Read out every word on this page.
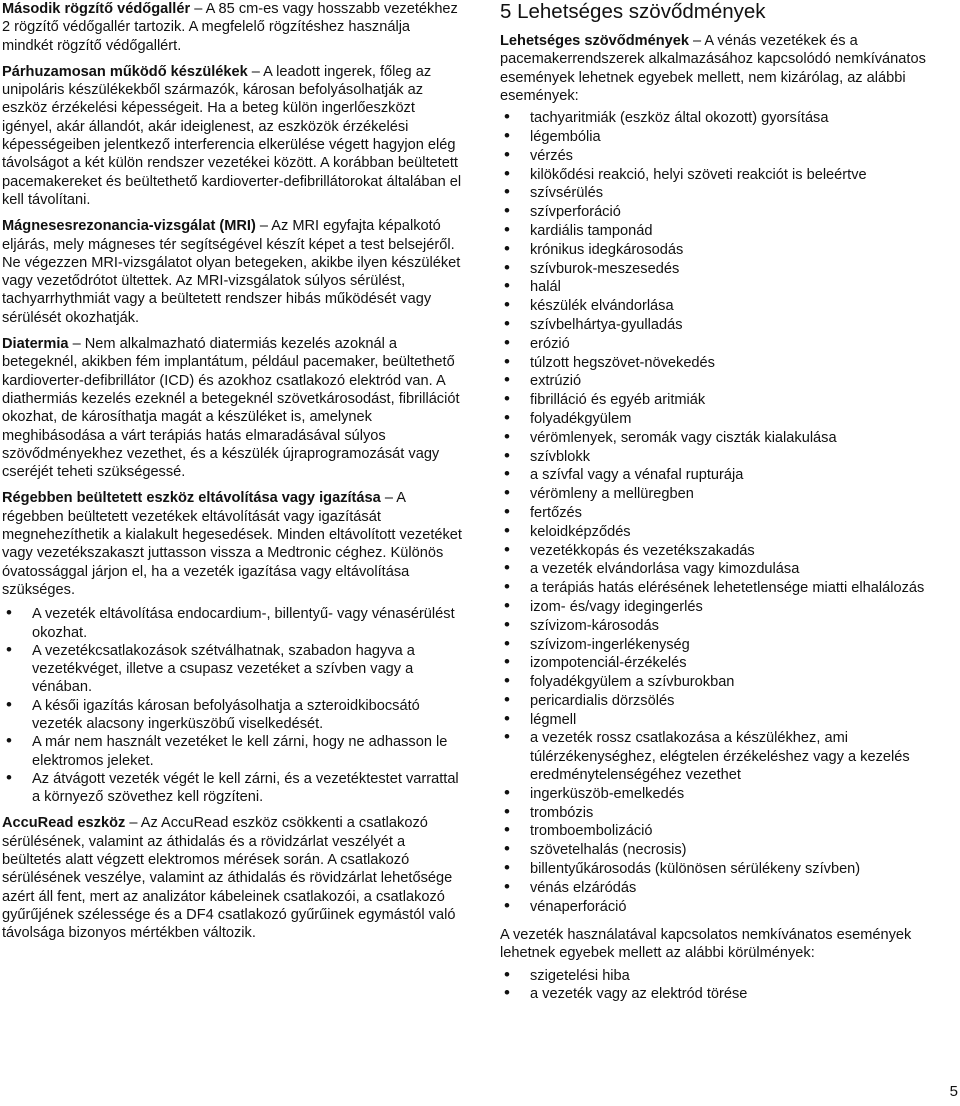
Második rögzítő védőgallér – A 85 cm-es vagy hosszabb vezetékhez 2 rögzítő védőgallér tartozik. A megfelelő rögzítéshez használja mindkét rögzítő védőgallért.

Párhuzamosan működő készülékek – A leadott ingerek, főleg az unipoláris készülékekből származók, károsan befolyásolhatják az eszköz érzékelési képességeit. Ha a beteg külön ingerlőeszközt igényel, akár állandót, akár ideiglenest, az eszközök érzékelési képességeiben jelentkező interferencia elkerülése végett hagyjon elég távolságot a két külön rendszer vezetékei között. A korábban beültetett pacemakereket és beültethető kardioverter-defibrillátorokat általában el kell távolítani.

Mágnesesrezonancia-vizsgálat (MRI) – Az MRI egyfajta képalkotó eljárás, mely mágneses tér segítségével készít képet a test belsejéről. Ne végezzen MRI-vizsgálatot olyan betegeken, akikbe ilyen készüléket vagy vezetődrótot ültettek. Az MRI-vizsgálatok súlyos sérülést, tachyarrhythmiát vagy a beültetett rendszer hibás működését vagy sérülését okozhatják.

Diatermia – Nem alkalmazható diatermiás kezelés azoknál a betegeknél, akikben fém implantátum, például pacemaker, beültethető kardioverter-defibrillátor (ICD) és azokhoz csatlakozó elektród van. A diathermiás kezelés ezeknél a betegeknél szövetkárosodást, fibrillációt okozhat, de károsíthatja magát a készüléket is, amelynek meghibásodása a várt terápiás hatás elmaradásával súlyos szövődményekhez vezethet, és a készülék újraprogramozását vagy cseréjét teheti szükségessé.

Régebben beültetett eszköz eltávolítása vagy igazítása – A régebben beültetett vezetékek eltávolítását vagy igazítását megnehezíthetik a kialakult hegesedések. Minden eltávolított vezetéket vagy vezetékszakaszt juttasson vissza a Medtronic céghez. Különös óvatossággal járjon el, ha a vezeték igazítása vagy eltávolítása szükséges.

• A vezeték eltávolítása endocardium-, billentyű- vagy vénasérülést okozhat.
• A vezetékcsatlakozások szétválhatnak, szabadon hagyva a vezetékvéget, illetve a csupasz vezetéket a szívben vagy a vénában.
• A késői igazítás károsan befolyásolhatja a szteroidkibocsátó vezeték alacsony ingerküszöbű viselkedését.
• A már nem használt vezetéket le kell zárni, hogy ne adhasson le elektromos jeleket.
• Az átvágott vezeték végét le kell zárni, és a vezetéktestet varrattal a környező szövethez kell rögzíteni.

AccuRead eszköz – Az AccuRead eszköz csökkenti a csatlakozó sérülésének, valamint az áthidalás és a rövidzárlat veszélyét a beültetés alatt végzett elektromos mérések során. A csatlakozó sérülésének veszélye, valamint az áthidalás és rövidzárlat lehetősége azért áll fent, mert az analizátor kábeleinek csatlakozói, a csatlakozó gyűrűjének szélessége és a DF4 csatlakozó gyűrűinek egymástól való távolsága bizonyos mértékben változik.

5 Lehetséges szövődmények

Lehetséges szövődmények – A vénás vezetékek és a pacemakerrendszerek alkalmazásához kapcsolódó nemkívánatos események lehetnek egyebek mellett, nem kizárólag, az alábbi események:

• tachyaritmiák (eszköz által okozott) gyorsítása
• légembólia
• vérzés
• kilökődési reakció, helyi szöveti reakciót is beleértve
• szívsérülés
• szívperforáció
• kardiális tamponád
• krónikus idegkárosodás
• szívburok-meszesedés
• halál
• készülék elvándorlása
• szívbelhártya-gyulladás
• erózió
• túlzott hegszövet-növekedés
• extrúzió
• fibrilláció és egyéb aritmiák
• folyadékgyülem
• vérömlenyek, seromák vagy ciszták kialakulása
• szívblokk
• a szívfal vagy a vénafal rupturája
• vérömleny a mellüregben
• fertőzés
• keloidképződés
• vezetékkopás és vezetékszakadás
• a vezeték elvándorlása vagy kimozdulása
• a terápiás hatás elérésének lehetetlensége miatti elhalálozás
• izom- és/vagy idegingerlés
• szívizom-károsodás
• szívizom-ingerlékenység
• izompotenciál-érzékelés
• folyadékgyülem a szívburokban
• pericardialis dörzsölés
• légmell
• a vezeték rossz csatlakozása a készülékhez, ami túlérzékenységhez, elégtelen érzékeléshez vagy a kezelés eredménytelenségéhez vezethet
• ingerküszöb-emelkedés
• trombózis
• tromboembolizáció
• szövetelhalás (necrosis)
• billentyűkárosodás (különösen sérülékeny szívben)
• vénás elzáródás
• vénaperforáció

A vezeték használatával kapcsolatos nemkívánatos események lehetnek egyebek mellett az alábbi körülmények:

• szigetelési hiba
• a vezeték vagy az elektród törése
5
